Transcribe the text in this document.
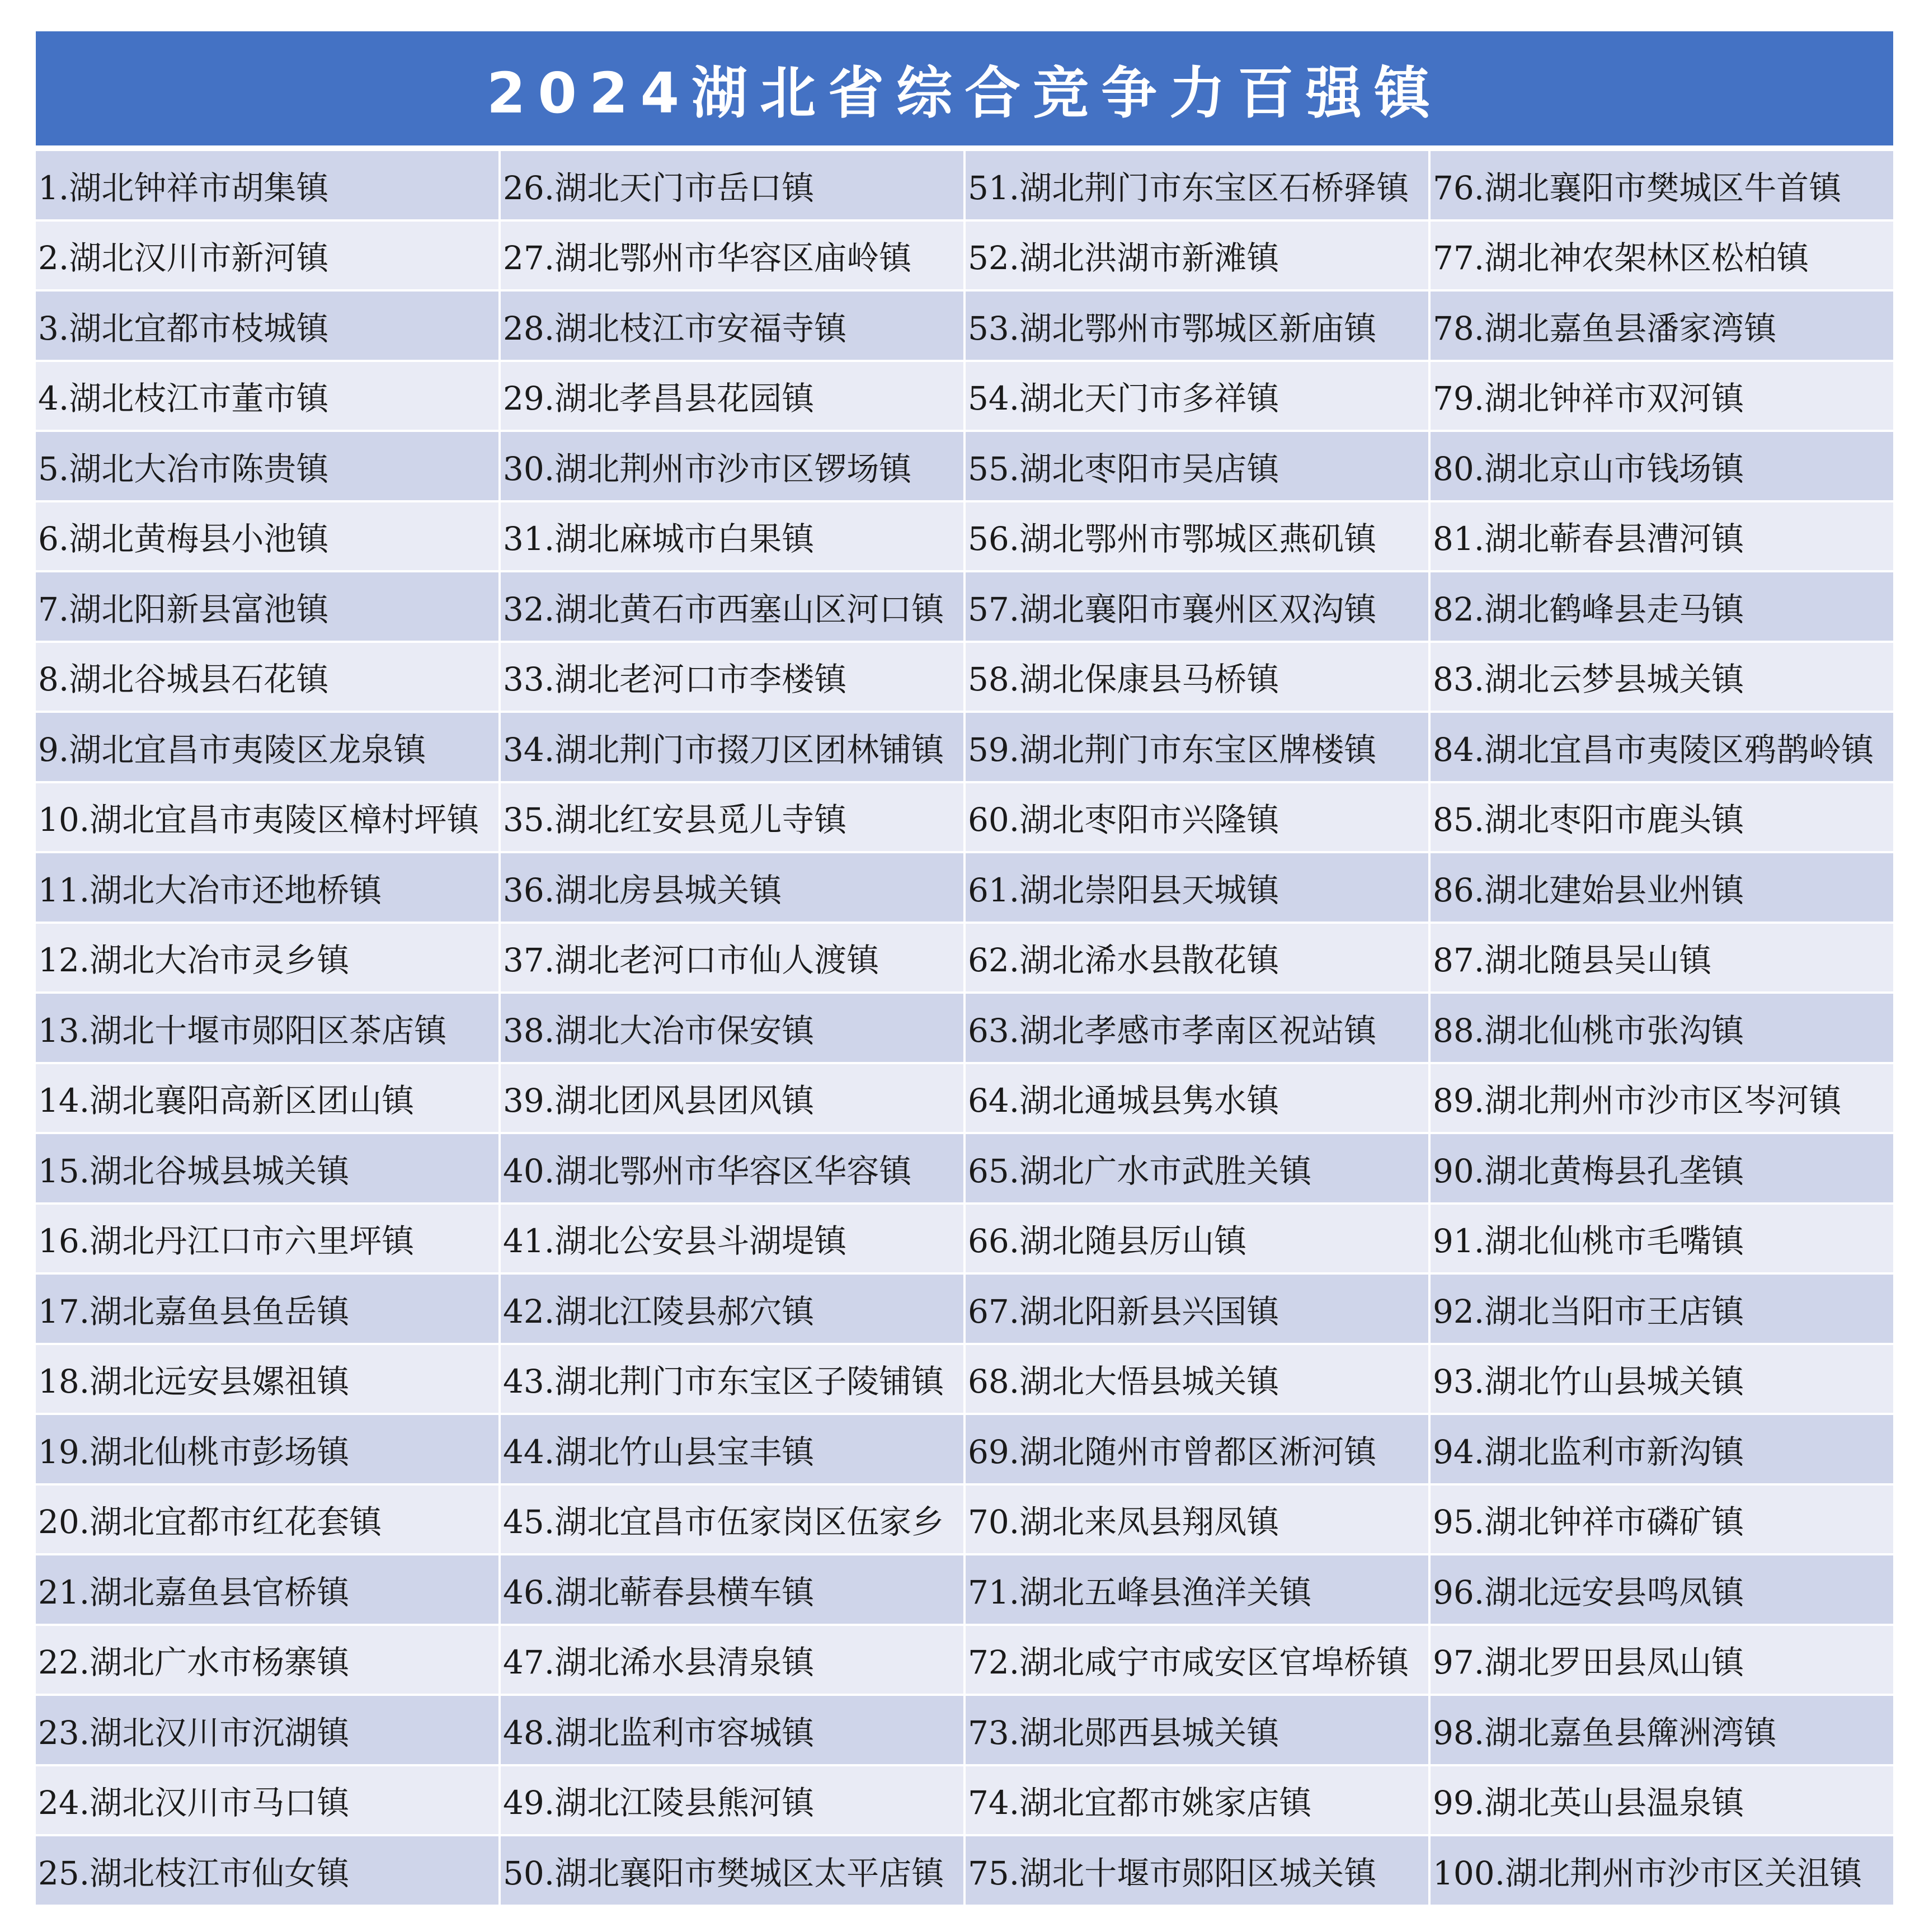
2024湖北省综合竞争力百强镇
1.湖北钟祥市胡集镇
2.湖北汉川市新河镇
3.湖北宜都市枝城镇
4.湖北枝江市董市镇
5.湖北大冶市陈贵镇
6.湖北黄梅县小池镇
7.湖北阳新县富池镇
8.湖北谷城县石花镇
9.湖北宜昌市夷陵区龙泉镇
10.湖北宜昌市夷陵区樟村坪镇
11.湖北大冶市还地桥镇
12.湖北大冶市灵乡镇
13.湖北十堰市郧阳区茶店镇
14.湖北襄阳高新区团山镇
15.湖北谷城县城关镇
16.湖北丹江口市六里坪镇
17.湖北嘉鱼县鱼岳镇
18.湖北远安县嫘祖镇
19.湖北仙桃市彭场镇
20.湖北宜都市红花套镇
21.湖北嘉鱼县官桥镇
22.湖北广水市杨寨镇
23.湖北汉川市沉湖镇
24.湖北汉川市马口镇
25.湖北枝江市仙女镇
26.湖北天门市岳口镇
27.湖北鄂州市华容区庙岭镇
28.湖北枝江市安福寺镇
29.湖北孝昌县花园镇
30.湖北荆州市沙市区锣场镇
31.湖北麻城市白果镇
32.湖北黄石市西塞山区河口镇
33.湖北老河口市李楼镇
34.湖北荆门市掇刀区团林铺镇
35.湖北红安县觅儿寺镇
36.湖北房县城关镇
37.湖北老河口市仙人渡镇
38.湖北大冶市保安镇
39.湖北团风县团风镇
40.湖北鄂州市华容区华容镇
41.湖北公安县斗湖堤镇
42.湖北江陵县郝穴镇
43.湖北荆门市东宝区子陵铺镇
44.湖北竹山县宝丰镇
45.湖北宜昌市伍家岗区伍家乡
46.湖北蕲春县横车镇
47.湖北浠水县清泉镇
48.湖北监利市容城镇
49.湖北江陵县熊河镇
50.湖北襄阳市樊城区太平店镇
51.湖北荆门市东宝区石桥驿镇
52.湖北洪湖市新滩镇
53.湖北鄂州市鄂城区新庙镇
54.湖北天门市多祥镇
55.湖北枣阳市吴店镇
56.湖北鄂州市鄂城区燕矶镇
57.湖北襄阳市襄州区双沟镇
58.湖北保康县马桥镇
59.湖北荆门市东宝区牌楼镇
60.湖北枣阳市兴隆镇
61.湖北崇阳县天城镇
62.湖北浠水县散花镇
63.湖北孝感市孝南区祝站镇
64.湖北通城县隽水镇
65.湖北广水市武胜关镇
66.湖北随县厉山镇
67.湖北阳新县兴国镇
68.湖北大悟县城关镇
69.湖北随州市曾都区淅河镇
70.湖北来凤县翔凤镇
71.湖北五峰县渔洋关镇
72.湖北咸宁市咸安区官埠桥镇
73.湖北郧西县城关镇
74.湖北宜都市姚家店镇
75.湖北十堰市郧阳区城关镇
76.湖北襄阳市樊城区牛首镇
77.湖北神农架林区松柏镇
78.湖北嘉鱼县潘家湾镇
79.湖北钟祥市双河镇
80.湖北京山市钱场镇
81.湖北蕲春县漕河镇
82.湖北鹤峰县走马镇
83.湖北云梦县城关镇
84.湖北宜昌市夷陵区鸦鹊岭镇
85.湖北枣阳市鹿头镇
86.湖北建始县业州镇
87.湖北随县吴山镇
88.湖北仙桃市张沟镇
89.湖北荆州市沙市区岑河镇
90.湖北黄梅县孔垄镇
91.湖北仙桃市毛嘴镇
92.湖北当阳市王店镇
93.湖北竹山县城关镇
94.湖北监利市新沟镇
95.湖北钟祥市磷矿镇
96.湖北远安县鸣凤镇
97.湖北罗田县凤山镇
98.湖北嘉鱼县簰洲湾镇
99.湖北英山县温泉镇
100.湖北荆州市沙市区关沮镇
